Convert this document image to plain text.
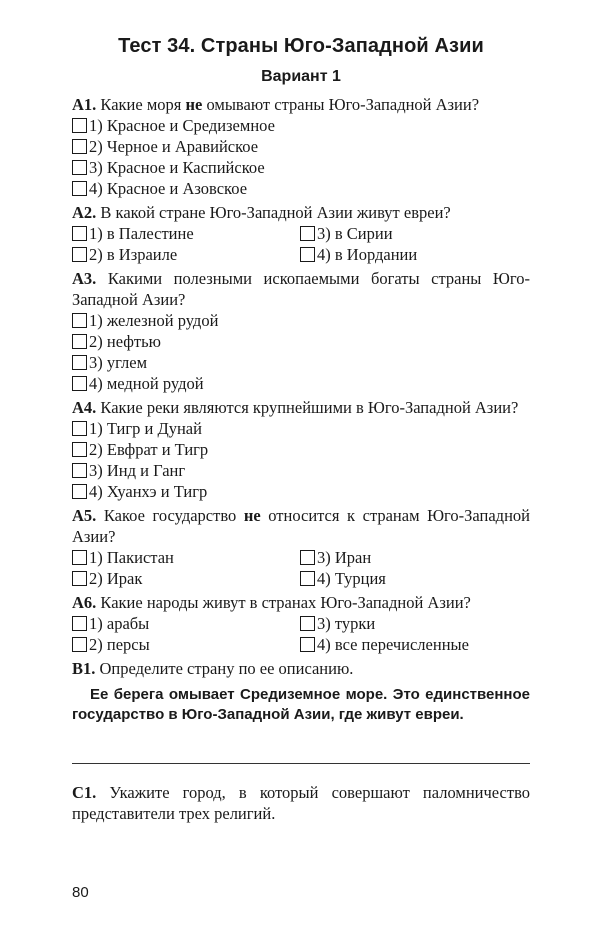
Тест 34. Страны Юго-Западной Азии
Вариант 1

А1. Какие моря не омывают страны Юго-Западной Азии?

1) Красное и Средиземное
2) Черное и Аравийское
3) Красное и Каспийское
4) Красное и Азовское

А2. В какой стране Юго-Западной Азии живут евреи?

1) в Палестине	3) в Сирии
2) в Израиле	4) в Иордании

А3. Какими полезными ископаемыми богаты страны Юго-Западной Азии?

1) железной рудой
2) нефтью
3) углем
4) медной рудой

А4. Какие реки являются крупнейшими в Юго-Западной Азии?

1) Тигр и Дунай
2) Евфрат и Тигр
3) Инд и Ганг
4) Хуанхэ и Тигр

А5. Какое государство не относится к странам Юго-Западной Азии?

1) Пакистан	3) Иран
2) Ирак	4) Турция

А6. Какие народы живут в странах Юго-Западной Азии?

1) арабы	3) турки
2) персы	4) все перечисленные

В1. Определите страну по ее описанию.

Ее берега омывает Средиземное море. Это единственное государство в Юго-Западной Азии, где живут евреи.

С1. Укажите город, в который совершают паломничество представители трех религий.

80
